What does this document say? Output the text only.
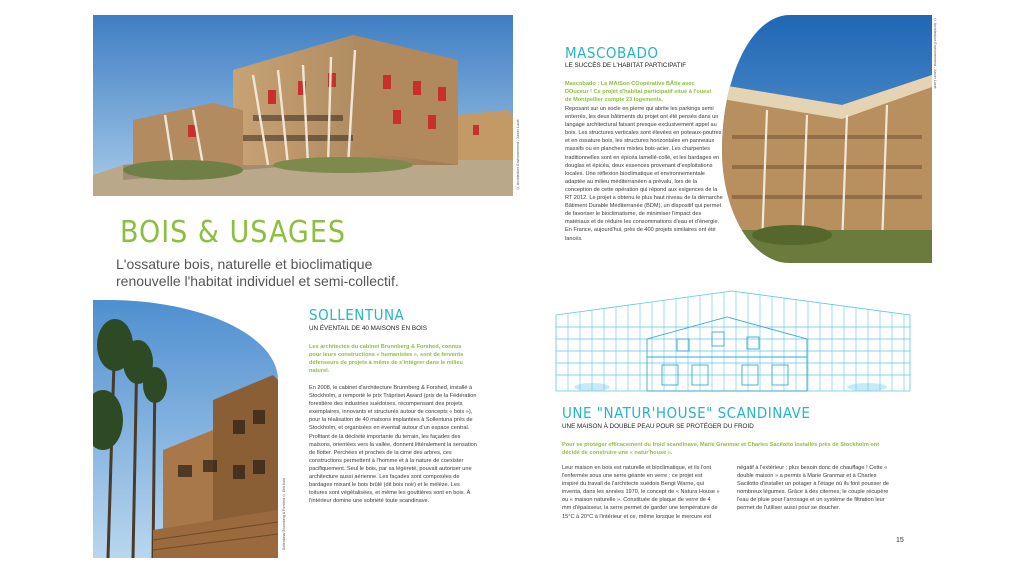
© Architecture Environnement - Xavier Lucet
© Architecture Environnement - Xavier Lucet
MASCOBADO
LE SUCCÈS DE L'HABITAT PARTICIPATIF
Mascobado : La MAiSon COopérative BÂtie avec DOuceur ! Ce projet d'habitat participatif situé à l'ouest de Montpellier compte 23 logements.
Reposant sur un socle en pierre qui abrite les parkings semi enterrés, les deux bâtiments du projet ont été pensés dans un langage architectural faisant presque exclusivement appel au bois. Les structures verticales sont élevées en poteaux-poutres et en ossature bois, les structures horizontales en panneaux massifs ou en planchers mixtes bois-acier. Les charpentes traditionnelles sont en épicéa lamellé-collé, et les bardages en douglas et épicéa, deux essences provenant d'exploitations locales. Une réflexion bioclimatique et environnementale adaptée au milieu méditerranéen a prévalu, lors de la conception de cette opération qui répond aux exigences de la RT 2012. Le projet a obtenu le plus haut niveau de la démarche Bâtiment Durable Méditerranée (BDM), un dispositif qui permet de favoriser le bioclimatisme, de minimiser l'impact des matériaux et de réduire les consommations d'eau et d'énergie. En France, aujourd'hui, près de 400 projets similaires ont été lancés.
BOIS & USAGES
L'ossature bois, naturelle et bioclimatique
renouvelle l'habitat individuel et semi-collectif.
Sollentuna/ Brunnberg & Forshed © Dirk Kahl
SOLLENTUNA
UN ÉVENTAIL DE 40 MAISONS EN BOIS
Les architectes du cabinet Brunnberg & Forshed, connus pour leurs constructions « humanistes », sont de fervents défenseurs de projets à même de s'intégrer dans le milieu naturel.
En 2008, le cabinet d'architecture Brunnberg & Forshed, installé à Stockholm, a remporté le prix Träpriset Award (prix de la Fédération forestière des industries suédoises, récompensant des projets exemplaires, innovants et structurés autour de concepts « bois »), pour la réalisation de 40 maisons implantées à Sollentuna près de Stockholm, et organisées en éventail autour d'un espace central. Profitant de la déclivité importante du terrain, les façades des maisons, orientées vers la vallée, donnent littéralement la sensation de flotter. Perchées et proches de la cime des arbres, ces constructions permettent à l'homme et à la nature de coexister pacifiquement. Seul le bois, par sa légèreté, pouvait autoriser une architecture aussi aérienne. Les façades sont composées de bardages mixant le bois brûlé (dit bois noir) et le mélèze. Les toitures sont végétalisées, et même les gouttières sont en bois. À l'intérieur domine une sobriété toute scandinave.
UNE "NATUR'HOUSE" SCANDINAVE
UNE MAISON À DOUBLE PEAU POUR SE PROTÉGER DU FROID
Pour se protéger efficacement du froid scandinave, Marie Granmar et Charles Sacilotto installés près de Stockholm ont décidé de construire une « natur'house ».
Leur maison en bois est naturelle et bioclimatique, et ils l'ont l'enfermée sous une serre géante en verre : ce projet est inspiré du travail de l'architecte suédois Bengt Warne, qui inventa, dans les années 1970, le concept de « Natura House » ou « maison naturelle ». Constituée de plaque de verre de 4 mm d'épaisseur, la serre permet de garder une température de 15°C à 20°C à l'intérieur et ce, même lorsque le mercure est
négatif à l'extérieur ; plus besoin donc de chauffage ! Cette « double maison » a permis à Marie Granmar et à Charles Sacilotto d'installer un potager à l'étage où ils font pousser de nombreux légumes. Grâce à des citernes, le couple récupère l'eau de pluie pour l'arrosage et un système de filtration leur permet de l'utiliser aussi pour se doucher.
15
